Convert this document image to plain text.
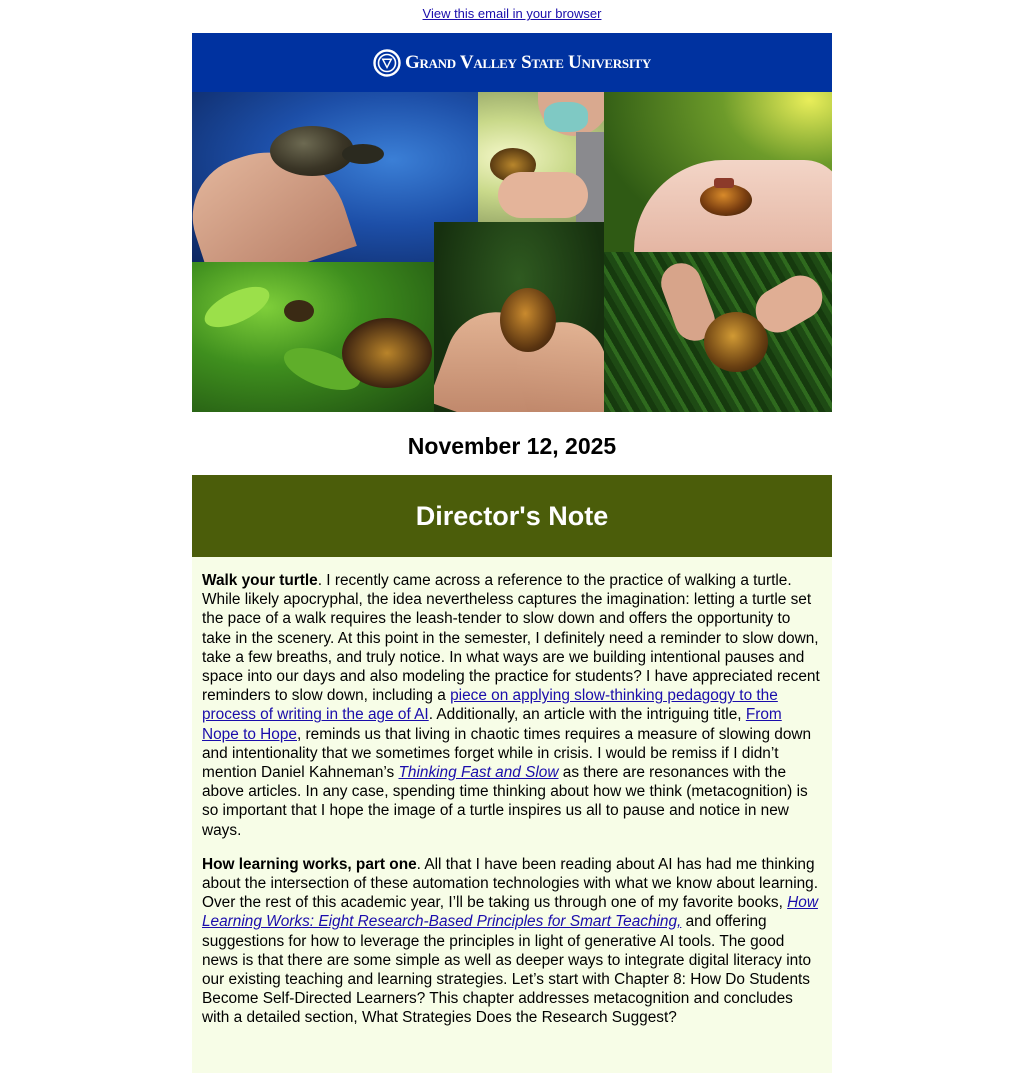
View this email in your browser
Grand Valley State University
November 12, 2025
Director's Note

Walk your turtle. I recently came across a reference to the practice of walking a turtle. While likely apocryphal, the idea nevertheless captures the imagination: letting a turtle set the pace of a walk requires the leash-tender to slow down and offers the opportunity to take in the scenery. At this point in the semester, I definitely need a reminder to slow down, take a few breaths, and truly notice. In what ways are we building intentional pauses and space into our days and also modeling the practice for students? I have appreciated recent reminders to slow down, including a piece on applying slow-thinking pedagogy to the process of writing in the age of AI. Additionally, an article with the intriguing title, From Nope to Hope, reminds us that living in chaotic times requires a measure of slowing down and intentionality that we sometimes forget while in crisis. I would be remiss if I didn’t mention Daniel Kahneman’s Thinking Fast and Slow as there are resonances with the above articles. In any case, spending time thinking about how we think (metacognition) is so important that I hope the image of a turtle inspires us all to pause and notice in new ways.

How learning works, part one. All that I have been reading about AI has had me thinking about the intersection of these automation technologies with what we know about learning. Over the rest of this academic year, I’ll be taking us through one of my favorite books, How Learning Works: Eight Research-Based Principles for Smart Teaching, and offering suggestions for how to leverage the principles in light of generative AI tools. The good news is that there are some simple as well as deeper ways to integrate digital literacy into our existing teaching and learning strategies. Let’s start with Chapter 8: How Do Students Become Self-Directed Learners? This chapter addresses metacognition and concludes with a detailed section, What Strategies Does the Research Suggest?
